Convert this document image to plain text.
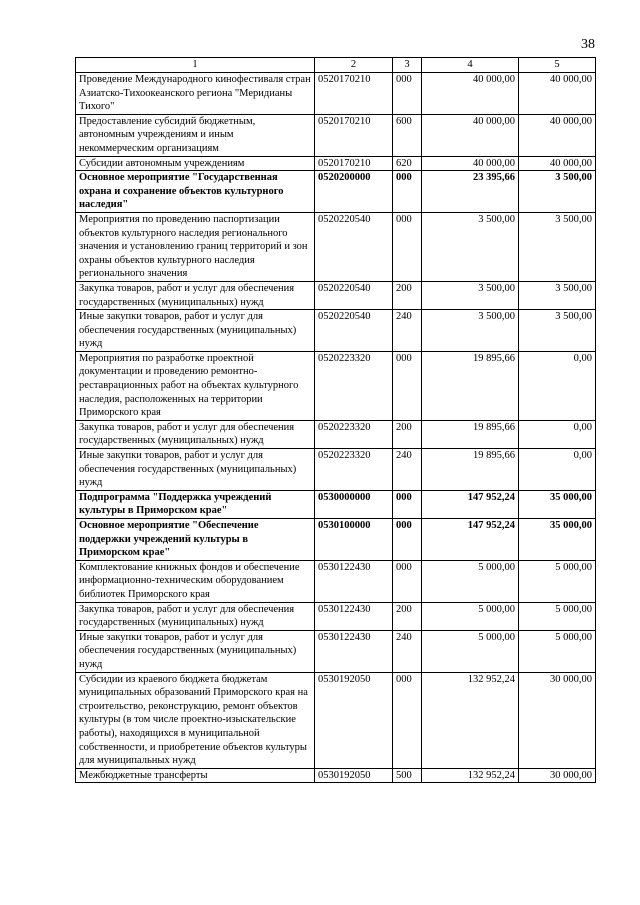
38
1	2	3	4	5
Проведение Международного кинофестиваля стран Азиатско-Тихоокеанского региона "Меридианы Тихого"	0520170210	000	40 000,00	40 000,00
Предоставление субсидий бюджетным, автономным учреждениям и иным некоммерческим организациям	0520170210	600	40 000,00	40 000,00
Субсидии автономным учреждениям	0520170210	620	40 000,00	40 000,00
Основное мероприятие "Государственная охрана и сохранение объектов культурного наследия"	0520200000	000	23 395,66	3 500,00
Мероприятия по проведению паспортизации объектов культурного наследия регионального значения и установлению границ территорий и зон охраны объектов культурного наследия регионального значения	0520220540	000	3 500,00	3 500,00
Закупка товаров, работ и услуг для обеспечения государственных (муниципальных) нужд	0520220540	200	3 500,00	3 500,00
Иные закупки товаров, работ и услуг для обеспечения государственных (муниципальных) нужд	0520220540	240	3 500,00	3 500,00
Мероприятия по разработке проектной документации и проведению ремонтно-реставрационных работ на объектах культурного наследия, расположенных на территории Приморского края	0520223320	000	19 895,66	0,00
Закупка товаров, работ и услуг для обеспечения государственных (муниципальных) нужд	0520223320	200	19 895,66	0,00
Иные закупки товаров, работ и услуг для обеспечения государственных (муниципальных) нужд	0520223320	240	19 895,66	0,00
Подпрограмма "Поддержка учреждений культуры в Приморском крае"	0530000000	000	147 952,24	35 000,00
Основное мероприятие "Обеспечение поддержки учреждений культуры в Приморском крае"	0530100000	000	147 952,24	35 000,00
Комплектование книжных фондов и обеспечение информационно-техническим оборудованием библиотек Приморского края	0530122430	000	5 000,00	5 000,00
Закупка товаров, работ и услуг для обеспечения государственных (муниципальных) нужд	0530122430	200	5 000,00	5 000,00
Иные закупки товаров, работ и услуг для обеспечения государственных (муниципальных) нужд	0530122430	240	5 000,00	5 000,00
Субсидии из краевого бюджета бюджетам муниципальных образований Приморского края на строительство, реконструкцию, ремонт объектов культуры (в том числе проектно-изыскательские работы), находящихся в муниципальной собственности, и приобретение объектов культуры для муниципальных нужд	0530192050	000	132 952,24	30 000,00
Межбюджетные трансферты	0530192050	500	132 952,24	30 000,00
